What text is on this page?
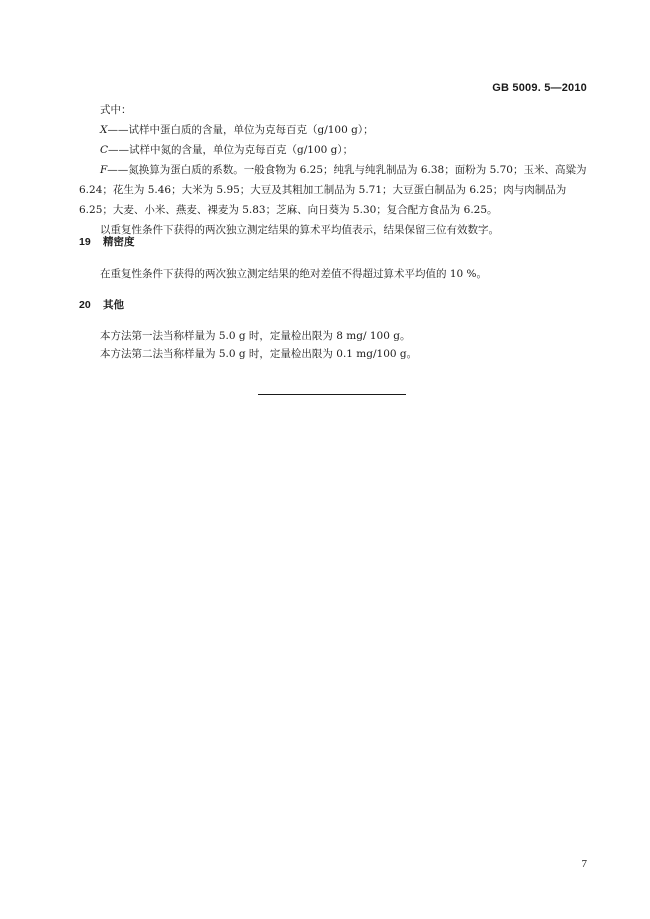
GB 5009. 5—2010

式中：

X——试样中蛋白质的含量，单位为克每百克（g/100 g）；

C——试样中氮的含量，单位为克每百克（g/100 g）；

F——氮换算为蛋白质的系数。一般食物为 6.25；纯乳与纯乳制品为 6.38；面粉为 5.70；玉米、高粱为 6.24；花生为 5.46；大米为 5.95；大豆及其粗加工制品为 5.71；大豆蛋白制品为 6.25；肉与肉制品为 6.25；大麦、小米、燕麦、裸麦为 5.83；芝麻、向日葵为 5.30；复合配方食品为 6.25。

以重复性条件下获得的两次独立测定结果的算术平均值表示，结果保留三位有效数字。

19 精密度

在重复性条件下获得的两次独立测定结果的绝对差值不得超过算术平均值的 10 %。

20 其他

本方法第一法当称样量为 5.0 g 时，定量检出限为 8 mg/ 100 g。

本方法第二法当称样量为 5.0 g 时，定量检出限为 0.1 mg/100 g。

7
